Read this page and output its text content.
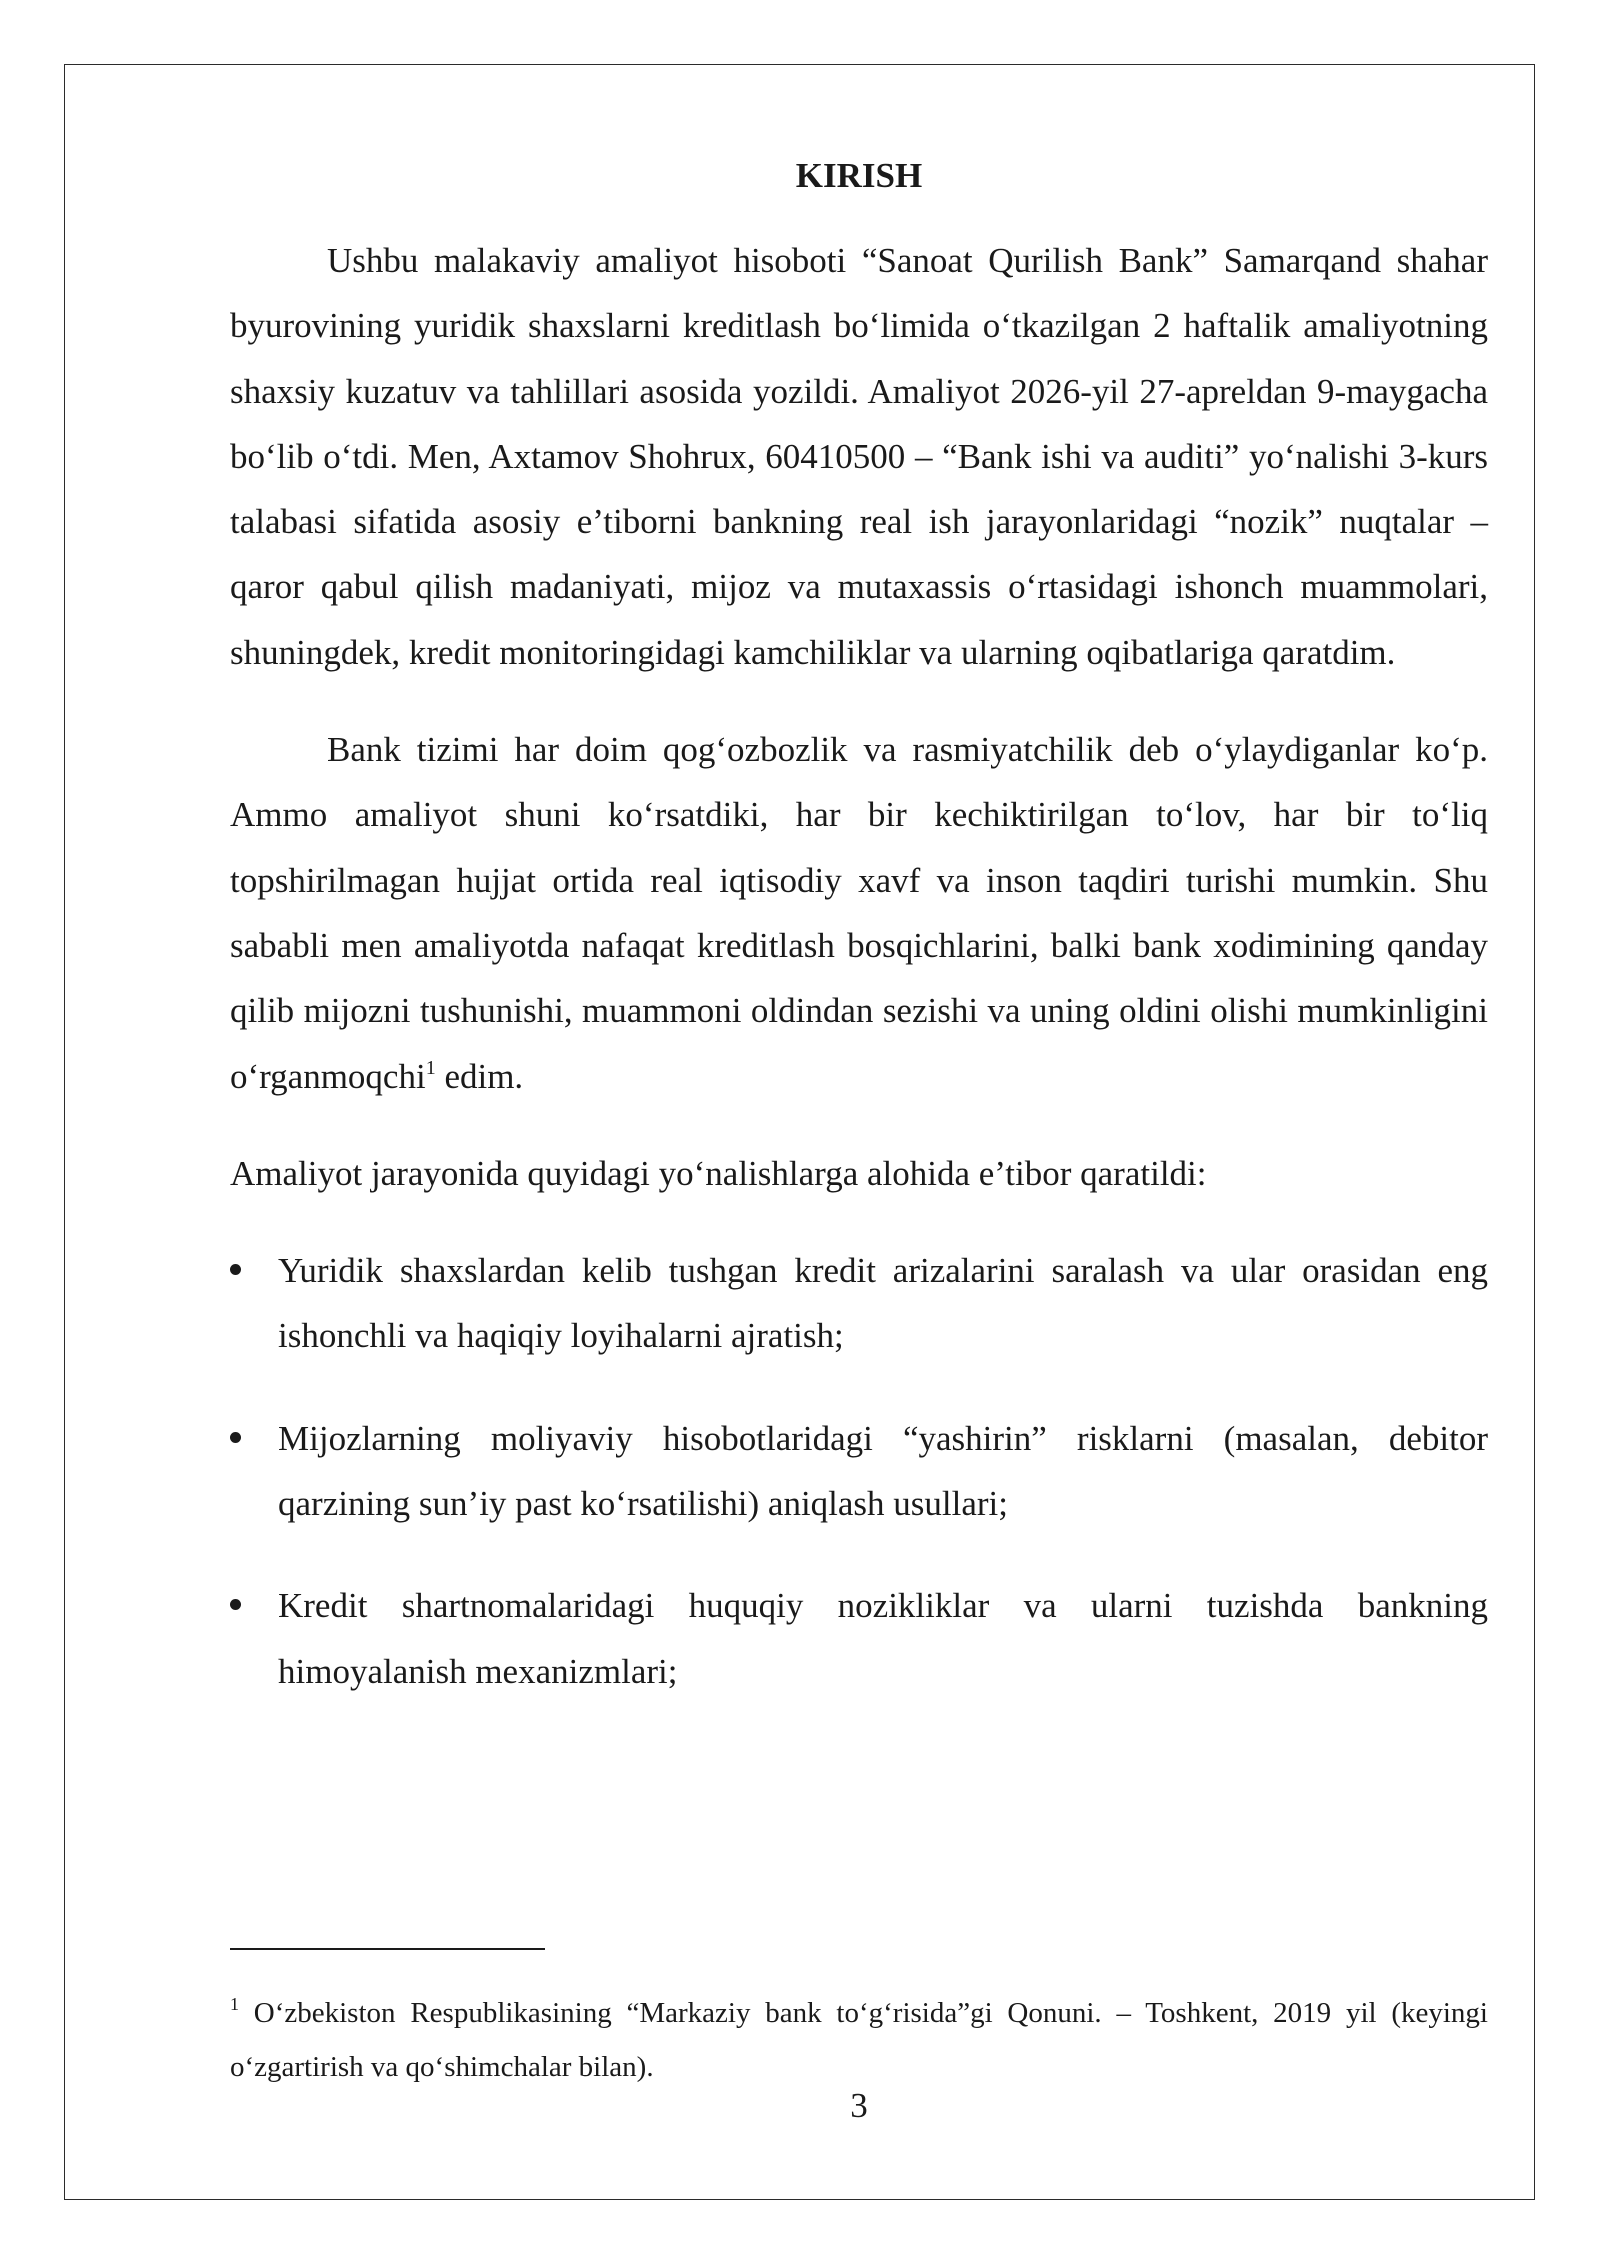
KIRISH

Ushbu malakaviy amaliyot hisoboti “Sanoat Qurilish Bank” Samarqand shahar byurovining yuridik shaxslarni kreditlash boʻlimida oʻtkazilgan 2 haftalik amaliyotning shaxsiy kuzatuv va tahlillari asosida yozildi. Amaliyot 2026-yil 27-apreldan 9-maygacha boʻlib oʻtdi. Men, Axtamov Shohrux, 60410500 – “Bank ishi va auditi” yoʻnalishi 3-kurs talabasi sifatida asosiy e’tiborni bankning real ish jarayonlaridagi “nozik” nuqtalar – qaror qabul qilish madaniyati, mijoz va mutaxassis oʻrtasidagi ishonch muammolari, shuningdek, kredit monitoringidagi kamchiliklar va ularning oqibatlariga qaratdim.

Bank tizimi har doim qogʻozbozlik va rasmiyatchilik deb oʻylaydiganlar koʻp. Ammo amaliyot shuni koʻrsatdiki, har bir kechiktirilgan toʻlov, har bir toʻliq topshirilmagan hujjat ortida real iqtisodiy xavf va inson taqdiri turishi mumkin. Shu sababli men amaliyotda nafaqat kreditlash bosqichlarini, balki bank xodimining qanday qilib mijozni tushunishi, muammoni oldindan sezishi va uning oldini olishi mumkinligini oʻrganmoqchi$^1$ edim.

Amaliyot jarayonida quyidagi yoʻnalishlarga alohida e’tibor qaratildi:

Yuridik shaxslardan kelib tushgan kredit arizalarini saralash va ular orasidan eng ishonchli va haqiqiy loyihalarni ajratish;
Mijozlarning moliyaviy hisobotlaridagi “yashirin” risklarni (masalan, debitor qarzining sun’iy past koʻrsatilishi) aniqlash usullari;
Kredit shartnomalaridagi huquqiy nozikliklar va ularni tuzishda bankning himoyalanish mexanizmlari;
$^1$ Oʻzbekiston Respublikasining “Markaziy bank toʻgʻrisida”gi Qonuni. – Toshkent, 2019 yil (keyingi oʻzgartirish va qoʻshimchalar bilan).
3
